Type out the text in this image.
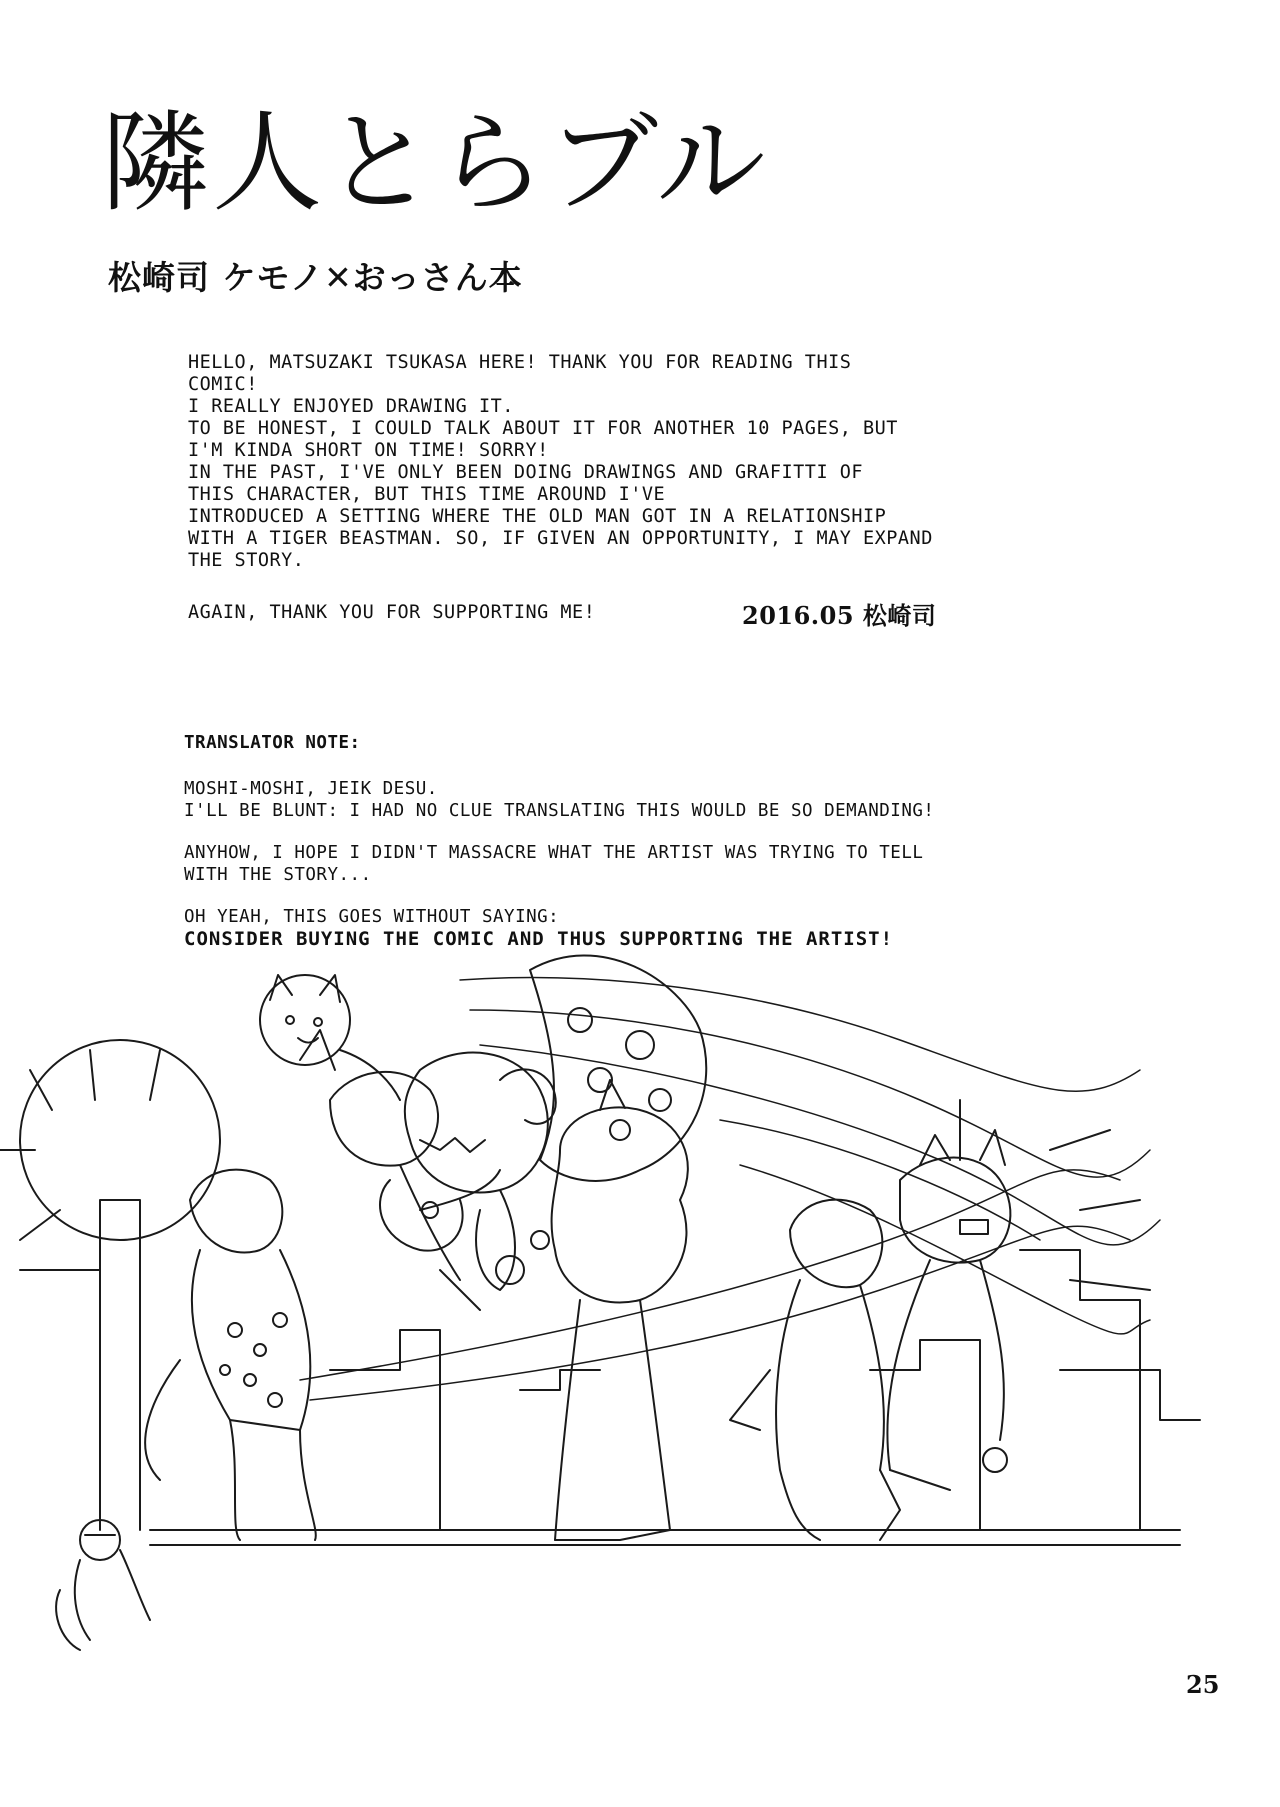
隣人とらブル
松崎司 ケモノ✕おっさん本

HELLO, MATSUZAKI TSUKASA HERE! THANK YOU FOR READING THIS
COMIC!
I REALLY ENJOYED DRAWING IT.
TO BE HONEST, I COULD TALK ABOUT IT FOR ANOTHER 10 PAGES, BUT
I'M KINDA SHORT ON TIME! SORRY!
IN THE PAST, I'VE ONLY BEEN DOING DRAWINGS AND GRAFITTI OF
THIS CHARACTER, BUT THIS TIME AROUND I'VE
INTRODUCED A SETTING WHERE THE OLD MAN GOT IN A RELATIONSHIP
WITH A TIGER BEASTMAN. SO, IF GIVEN AN OPPORTUNITY, I MAY EXPAND
THE STORY.

AGAIN, THANK YOU FOR SUPPORTING ME!	2016.05 松崎司
TRANSLATOR NOTE:

MOSHI-MOSHI, JEIK DESU.
I'LL BE BLUNT: I HAD NO CLUE TRANSLATING THIS WOULD BE SO DEMANDING!

ANYHOW, I HOPE I DIDN'T MASSACRE WHAT THE ARTIST WAS TRYING TO TELL
WITH THE STORY...

OH YEAH, THIS GOES WITHOUT SAYING:
CONSIDER BUYING THE COMIC AND THUS SUPPORTING THE ARTIST!

25
